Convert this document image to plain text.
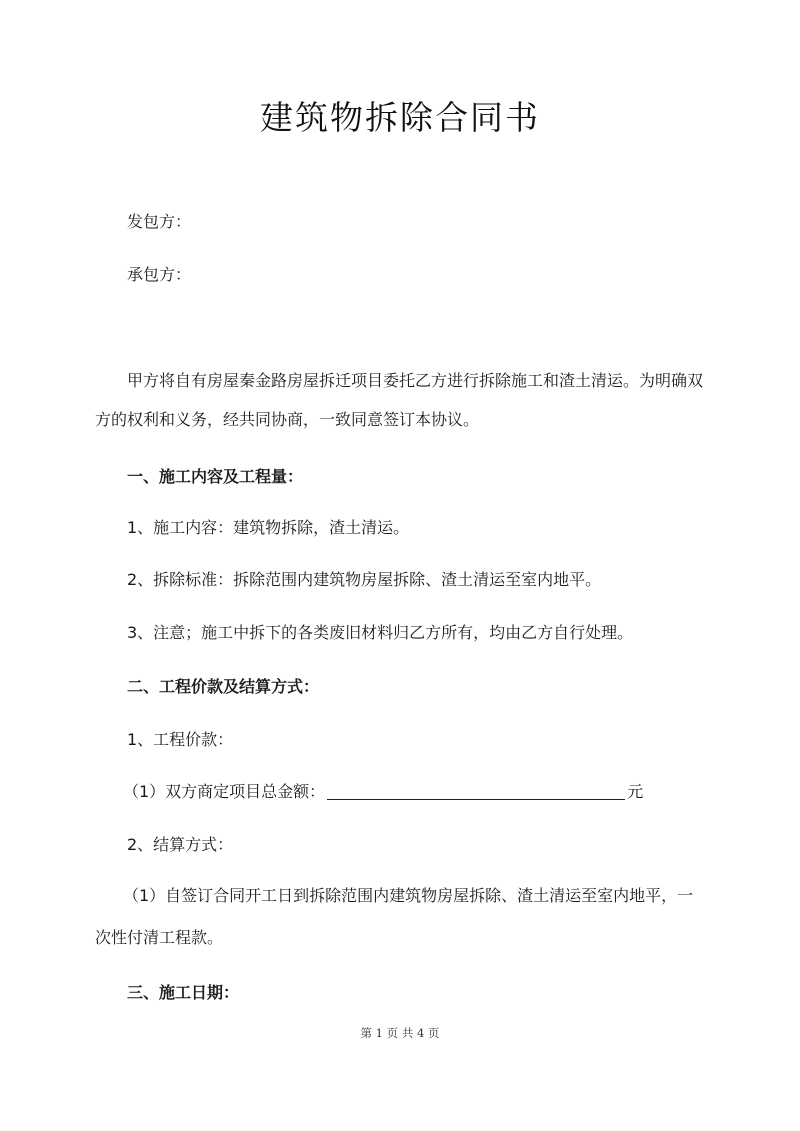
建筑物拆除合同书
发包方：
承包方：
甲方将自有房屋秦金路房屋拆迁项目委托乙方进行拆除施工和渣土清运。为明确双
方的权利和义务，经共同协商，一致同意签订本协议。
一、施工内容及工程量：
1、施工内容：建筑物拆除，渣土清运。
2、拆除标准：拆除范围内建筑物房屋拆除、渣土清运至室内地平。
3、注意；施工中拆下的各类废旧材料归乙方所有，均由乙方自行处理。
二、工程价款及结算方式：
1、工程价款：
（1）双方商定项目总金额：	元
2、结算方式：
（1）自签订合同开工日到拆除范围内建筑物房屋拆除、渣土清运至室内地平，一
次性付清工程款。
三、施工日期：
第 1 页 共 4 页
